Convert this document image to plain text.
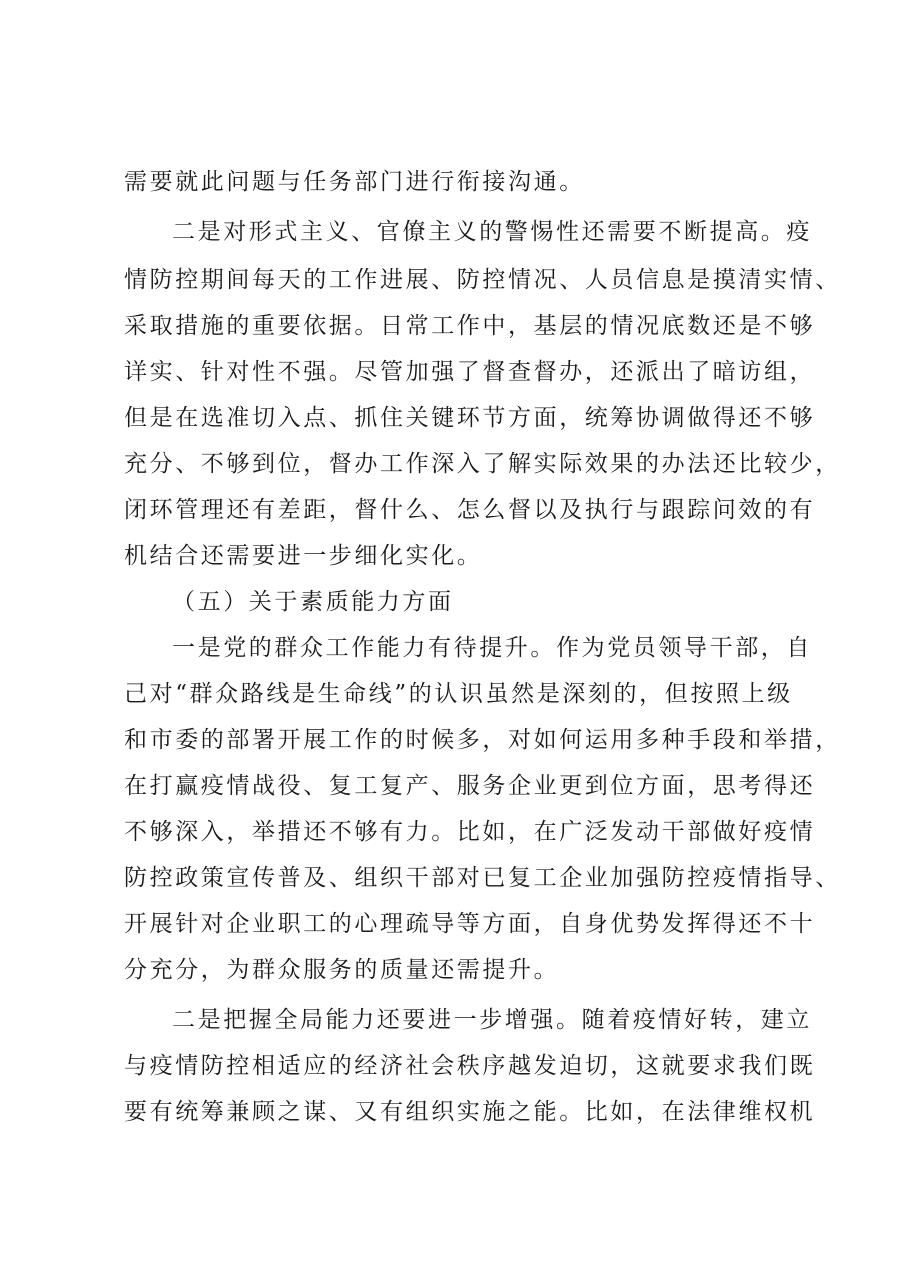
需要就此问题与任务部门进行衔接沟通。
二是对形式主义、官僚主义的警惕性还需要不断提高。疫
情防控期间每天的工作进展、防控情况、人员信息是摸清实情、
采取措施的重要依据。日常工作中，基层的情况底数还是不够
详实、针对性不强。尽管加强了督查督办，还派出了暗访组，
但是在选准切入点、抓住关键环节方面，统筹协调做得还不够
充分、不够到位，督办工作深入了解实际效果的办法还比较少，
闭环管理还有差距，督什么、怎么督以及执行与跟踪问效的有
机结合还需要进一步细化实化。
（五）关于素质能力方面
一是党的群众工作能力有待提升。作为党员领导干部，自
己对“群众路线是生命线”的认识虽然是深刻的，但按照上级
和市委的部署开展工作的时候多，对如何运用多种手段和举措，
在打赢疫情战役、复工复产、服务企业更到位方面，思考得还
不够深入，举措还不够有力。比如，在广泛发动干部做好疫情
防控政策宣传普及、组织干部对已复工企业加强防控疫情指导、
开展针对企业职工的心理疏导等方面，自身优势发挥得还不十
分充分，为群众服务的质量还需提升。
二是把握全局能力还要进一步增强。随着疫情好转，建立
与疫情防控相适应的经济社会秩序越发迫切，这就要求我们既
要有统筹兼顾之谋、又有组织实施之能。比如，在法律维权机
